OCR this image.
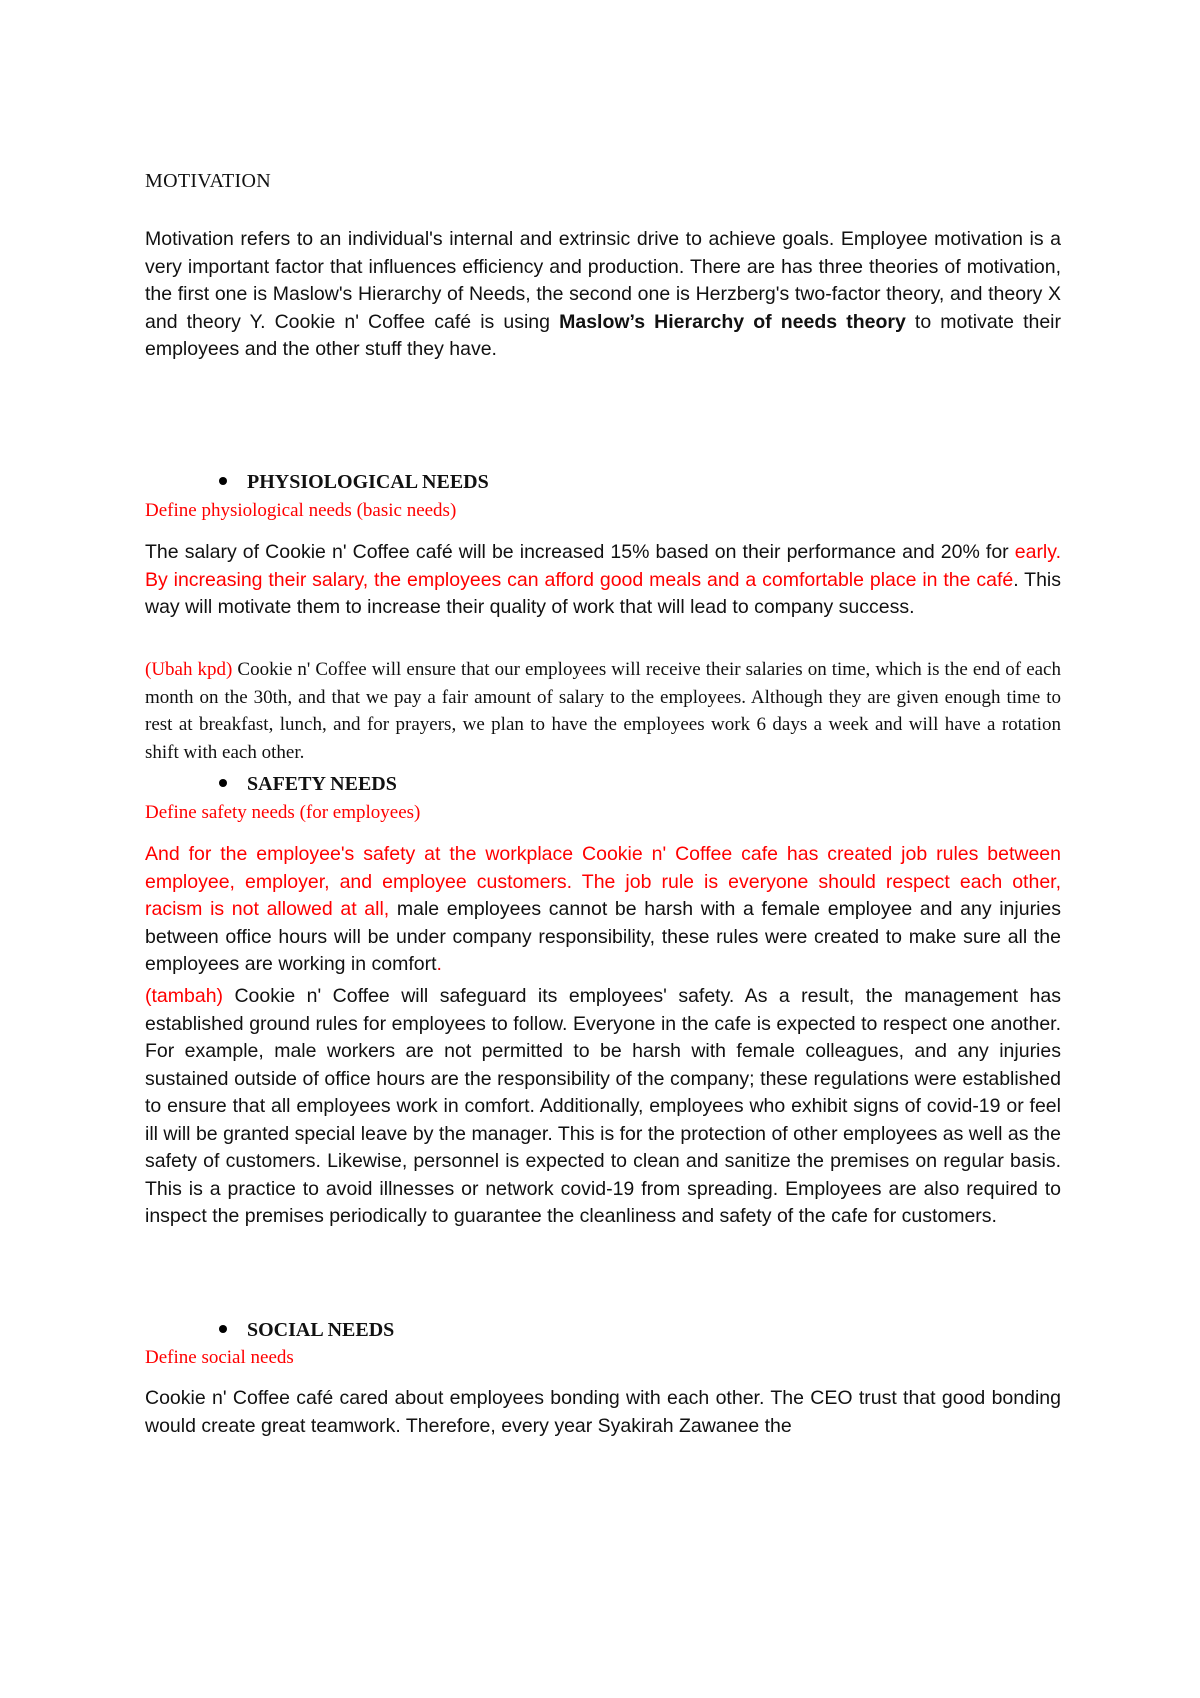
MOTIVATION

Motivation refers to an individual's internal and extrinsic drive to achieve goals. Employee motivation is a very important factor that influences efficiency and production. There are has three theories of motivation, the first one is Maslow's Hierarchy of Needs, the second one is Herzberg's two-factor theory, and theory X and theory Y. Cookie n' Coffee café is using Maslow’s Hierarchy of needs theory to motivate their employees and the other stuff they have.

PHYSIOLOGICAL NEEDS

Define physiological needs (basic needs)

The salary of Cookie n' Coffee café will be increased 15% based on their performance and 20% for early. By increasing their salary, the employees can afford good meals and a comfortable place in the café. This way will motivate them to increase their quality of work that will lead to company success.

(Ubah kpd) Cookie n' Coffee will ensure that our employees will receive their salaries on time, which is the end of each month on the 30th, and that we pay a fair amount of salary to the employees. Although they are given enough time to rest at breakfast, lunch, and for prayers, we plan to have the employees work 6 days a week and will have a rotation shift with each other.

SAFETY NEEDS

Define safety needs (for employees)

And for the employee's safety at the workplace Cookie n' Coffee cafe has created job rules between employee, employer, and employee customers. The job rule is everyone should respect each other, racism is not allowed at all, male employees cannot be harsh with a female employee and any injuries between office hours will be under company responsibility, these rules were created to make sure all the employees are working in comfort.

(tambah) Cookie n' Coffee will safeguard its employees' safety. As a result, the management has established ground rules for employees to follow. Everyone in the cafe is expected to respect one another. For example, male workers are not permitted to be harsh with female colleagues, and any injuries sustained outside of office hours are the responsibility of the company; these regulations were established to ensure that all employees work in comfort. Additionally, employees who exhibit signs of covid-19 or feel ill will be granted special leave by the manager. This is for the protection of other employees as well as the safety of customers. Likewise, personnel is expected to clean and sanitize the premises on regular basis. This is a practice to avoid illnesses or network covid-19 from spreading. Employees are also required to inspect the premises periodically to guarantee the cleanliness and safety of the cafe for customers.

SOCIAL NEEDS

Define social needs

Cookie n' Coffee café cared about employees bonding with each other. The CEO trust that good bonding would create great teamwork. Therefore, every year Syakirah Zawanee the
